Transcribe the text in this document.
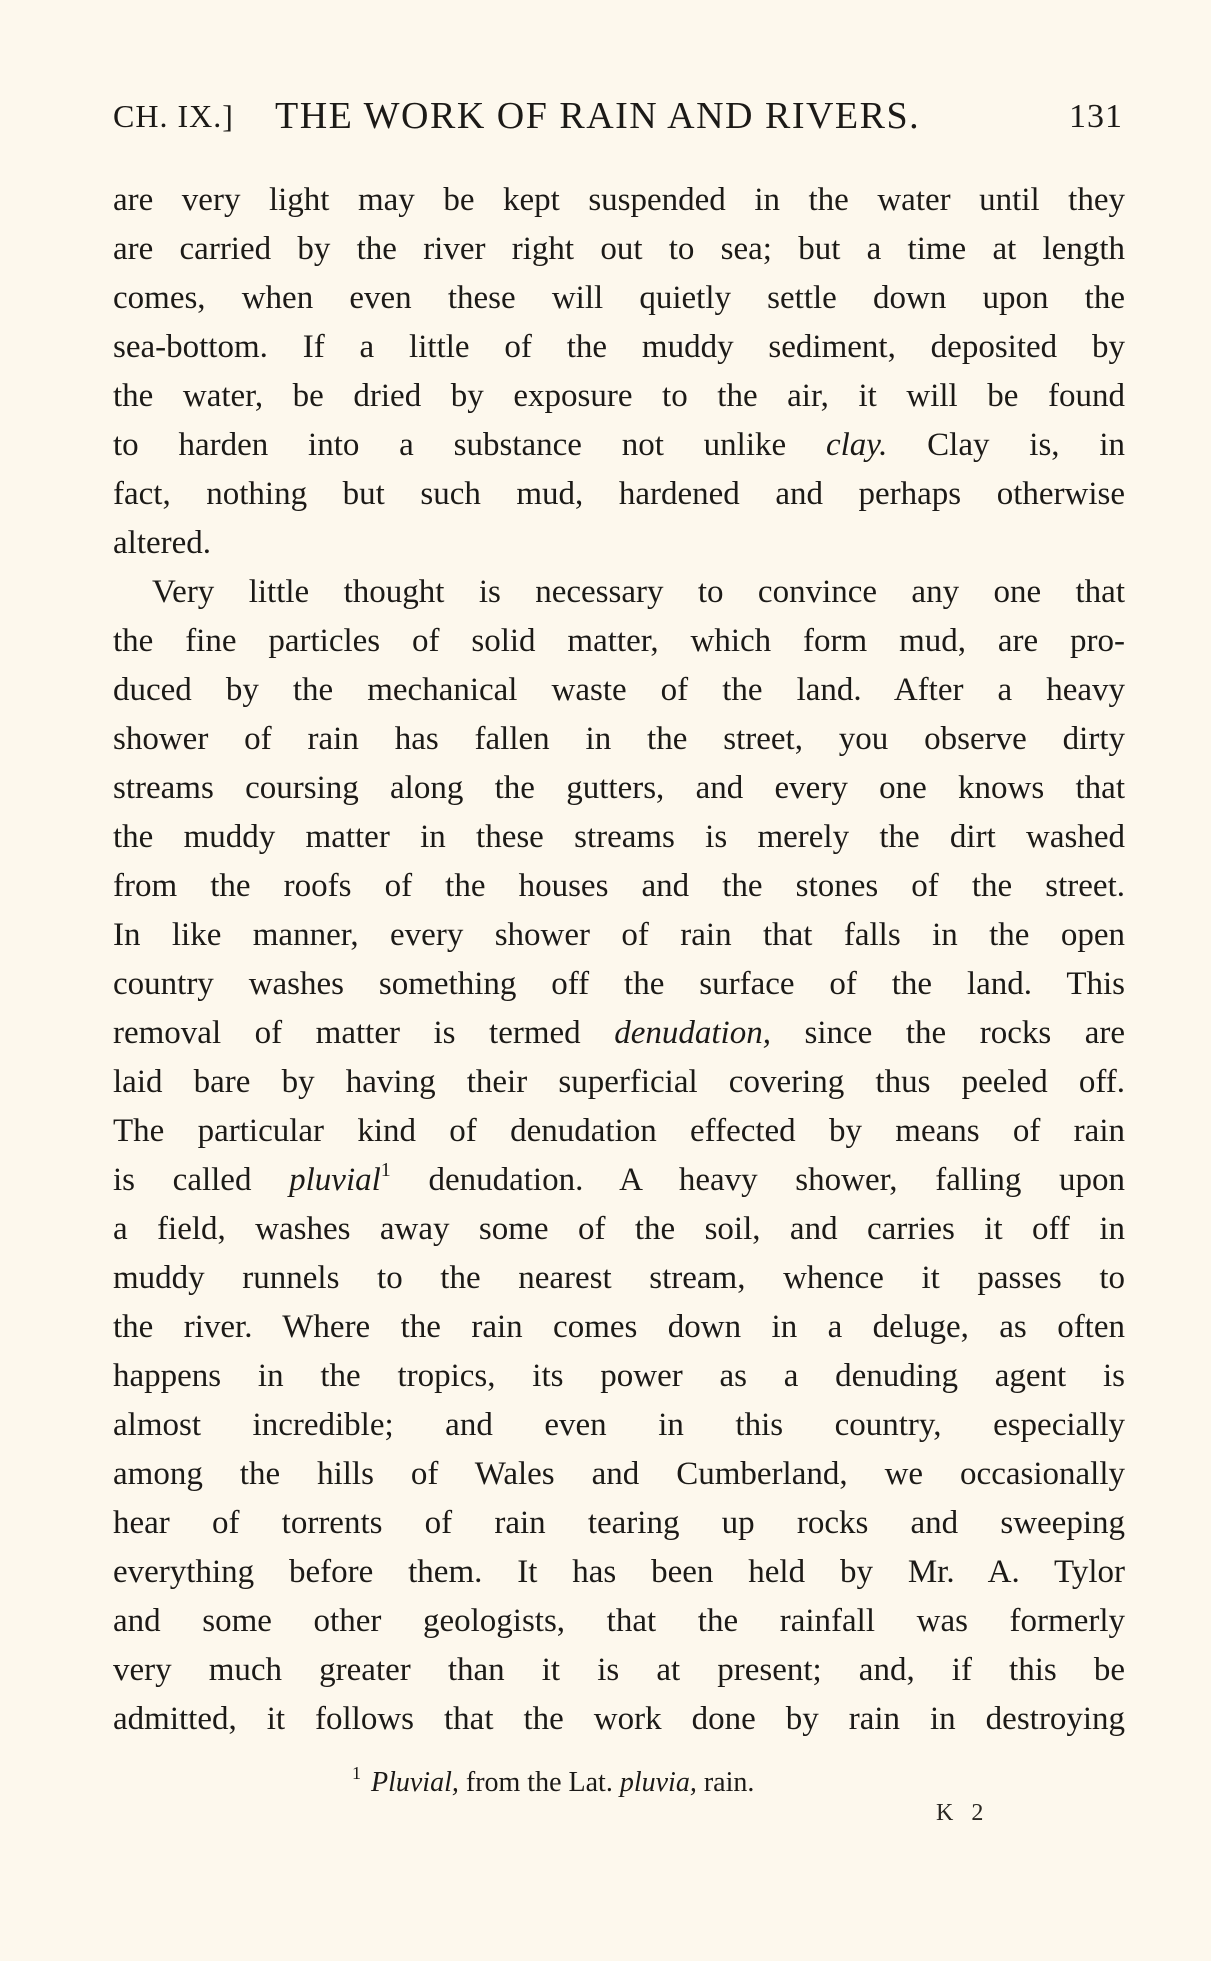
CH. IX.] THE WORK OF RAIN AND RIVERS.	131
are very light may be kept suspended in the water until they
are carried by the river right out to sea; but a time at length
comes, when even these will quietly settle down upon the
sea-bottom. If a little of the muddy sediment, deposited by
the water, be dried by exposure to the air, it will be found
to harden into a substance not unlike clay. Clay is, in
fact, nothing but such mud, hardened and perhaps otherwise
altered.
Very little thought is necessary to convince any one that
the fine particles of solid matter, which form mud, are pro-
duced by the mechanical waste of the land. After a heavy
shower of rain has fallen in the street, you observe dirty
streams coursing along the gutters, and every one knows that
the muddy matter in these streams is merely the dirt washed
from the roofs of the houses and the stones of the street.
In like manner, every shower of rain that falls in the open
country washes something off the surface of the land. This
removal of matter is termed denudation, since the rocks are
laid bare by having their superficial covering thus peeled off.
The particular kind of denudation effected by means of rain
is called pluvial$^1$ denudation. A heavy shower, falling upon
a field, washes away some of the soil, and carries it off in
muddy runnels to the nearest stream, whence it passes to
the river. Where the rain comes down in a deluge, as often
happens in the tropics, its power as a denuding agent is
almost incredible; and even in this country, especially
among the hills of Wales and Cumberland, we occasionally
hear of torrents of rain tearing up rocks and sweeping
everything before them. It has been held by Mr. A. Tylor
and some other geologists, that the rainfall was formerly
very much greater than it is at present; and, if this be
admitted, it follows that the work done by rain in destroying
$^1$ Pluvial, from the Lat. pluvia, rain.
K 2
